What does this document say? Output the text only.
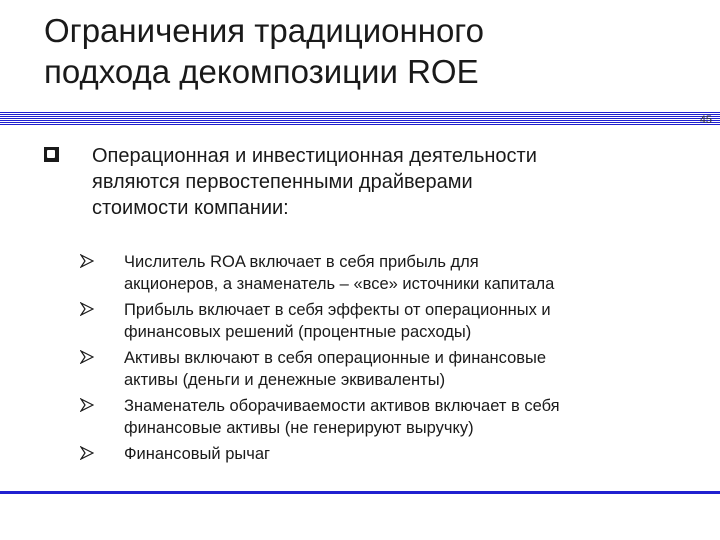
Ограничения традиционного
подхода декомпозиции ROE
45
Операционная и инвестиционная деятельности
являются первостепенными драйверами
стоимости компании:
Числитель ROA включает в себя прибыль для
акционеров, а знаменатель – «все» источники капитала
Прибыль включает в себя эффекты от операционных и
финансовых решений (процентные расходы)
Активы включают в себя операционные и финансовые
активы (деньги и денежные эквиваленты)
Знаменатель оборачиваемости активов включает в себя
финансовые активы (не генерируют выручку)
Финансовый рычаг
